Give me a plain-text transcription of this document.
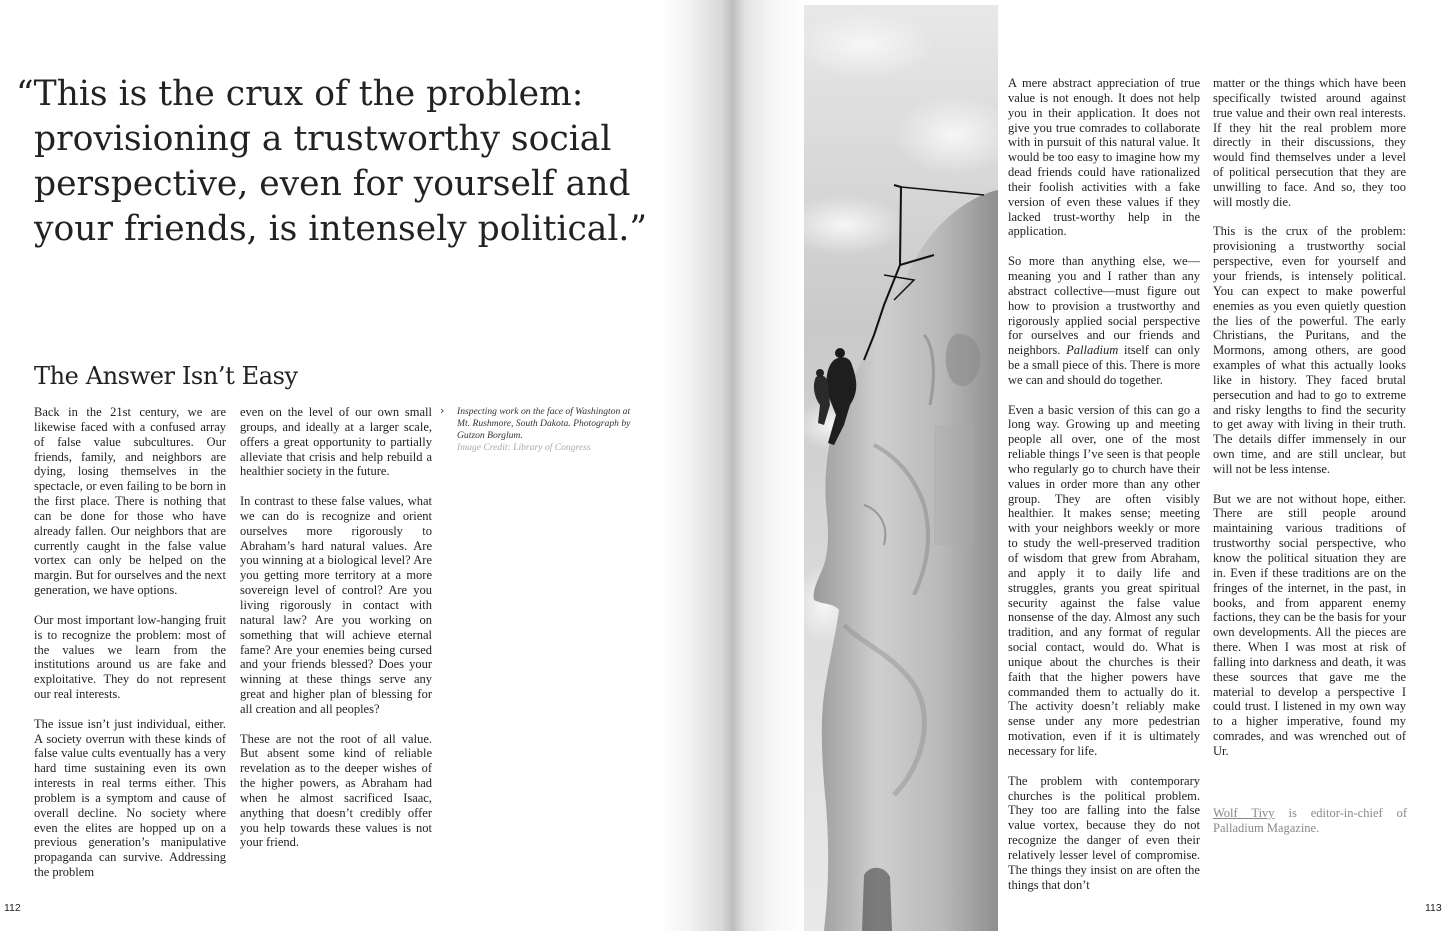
“This is the crux of the problem: provisioning a trustworthy social perspective, even for yourself and your friends, is intensely political.”
The Answer Isn’t Easy

Back in the 21st century, we are likewise faced with a confused array of false value subcultures. Our friends, family, and neighbors are dying, losing themselves in the spectacle, or even failing to be born in the first place. There is nothing that can be done for those who have already fallen. Our neighbors that are currently caught in the false value vortex can only be helped on the margin. But for ourselves and the next generation, we have options.

Our most important low-hanging fruit is to recognize the problem: most of the values we learn from the institutions around us are fake and exploitative. They do not represent our real interests.

The issue isn’t just individual, either. A society overrun with these kinds of false value cults eventually has a very hard time sustaining even its own interests in real terms either. This problem is a symptom and cause of overall decline. No society where even the elites are hopped up on a previous generation’s manipulative propaganda can survive. Addressing the problem

even on the level of our own small groups, and ideally at a larger scale, offers a great opportunity to partially alleviate that crisis and help rebuild a healthier society in the future.

In contrast to these false values, what we can do is recognize and orient ourselves more rigorously to Abraham’s hard natural values. Are you winning at a biological level? Are you getting more territory at a more sovereign level of control? Are you living rigorously in contact with natural law? Are you working on something that will achieve eternal fame? Are your enemies being cursed and your friends blessed? Does your winning at these things serve any great and higher plan of blessing for all creation and all peoples?

These are not the root of all value. But absent some kind of reliable revelation as to the deeper wishes of the higher powers, as Abraham had when he almost sacrificed Isaac, anything that doesn’t credibly offer you help towards these values is not your friend.

› Inspecting work on the face of Washington at Mt. Rushmore, South Dakota. Photograph by Gutzon Borglum.
Image Credit: Library of Congress

A mere abstract appreciation of true value is not enough. It does not help you in their application. It does not give you true comrades to collaborate with in pursuit of this natural value. It would be too easy to imagine how my dead friends could have rationalized their foolish activities with a fake version of even these values if they lacked trust-worthy help in the application.

So more than anything else, we—meaning you and I rather than any abstract collective—must figure out how to provision a trustworthy and rigorously applied social perspective for ourselves and our friends and neighbors. Palladium itself can only be a small piece of this. There is more we can and should do together.

Even a basic version of this can go a long way. Growing up and meeting people all over, one of the most reliable things I’ve seen is that people who regularly go to church have their values in order more than any other group. They are often visibly healthier. It makes sense; meeting with your neighbors weekly or more to study the well-preserved tradition of wisdom that grew from Abraham, and apply it to daily life and struggles, grants you great spiritual security against the false value nonsense of the day. Almost any such tradition, and any format of regular social contact, would do. What is unique about the churches is their faith that the higher powers have commanded them to actually do it. The activity doesn’t reliably make sense under any more pedestrian motivation, even if it is ultimately necessary for life.

The problem with contemporary churches is the political problem. They too are falling into the false value vortex, because they do not recognize the danger of even their relatively lesser level of compromise. The things they insist on are often the things that don’t

matter or the things which have been specifically twisted around against true value and their own real interests. If they hit the real problem more directly in their discussions, they would find themselves under a level of political persecution that they are unwilling to face. And so, they too will mostly die.

This is the crux of the problem: provisioning a trustworthy social perspective, even for yourself and your friends, is intensely political. You can expect to make powerful enemies as you even quietly question the lies of the powerful. The early Christians, the Puritans, and the Mormons, among others, are good examples of what this actually looks like in history. They faced brutal persecution and had to go to extreme and risky lengths to find the security to get away with living in their truth. The details differ immensely in our own time, and are still unclear, but will not be less intense.

But we are not without hope, either. There are still people around maintaining various traditions of trustworthy social perspective, who know the political situation they are in. Even if these traditions are on the fringes of the internet, in the past, in books, and from apparent enemy factions, they can be the basis for your own developments. All the pieces are there. When I was most at risk of falling into darkness and death, it was these sources that gave me the material to develop a perspective I could trust. I listened in my own way to a higher imperative, found my comrades, and was wrenched out of Ur.

Wolf Tivy is editor-in-chief of Palladium Magazine.
112	113
